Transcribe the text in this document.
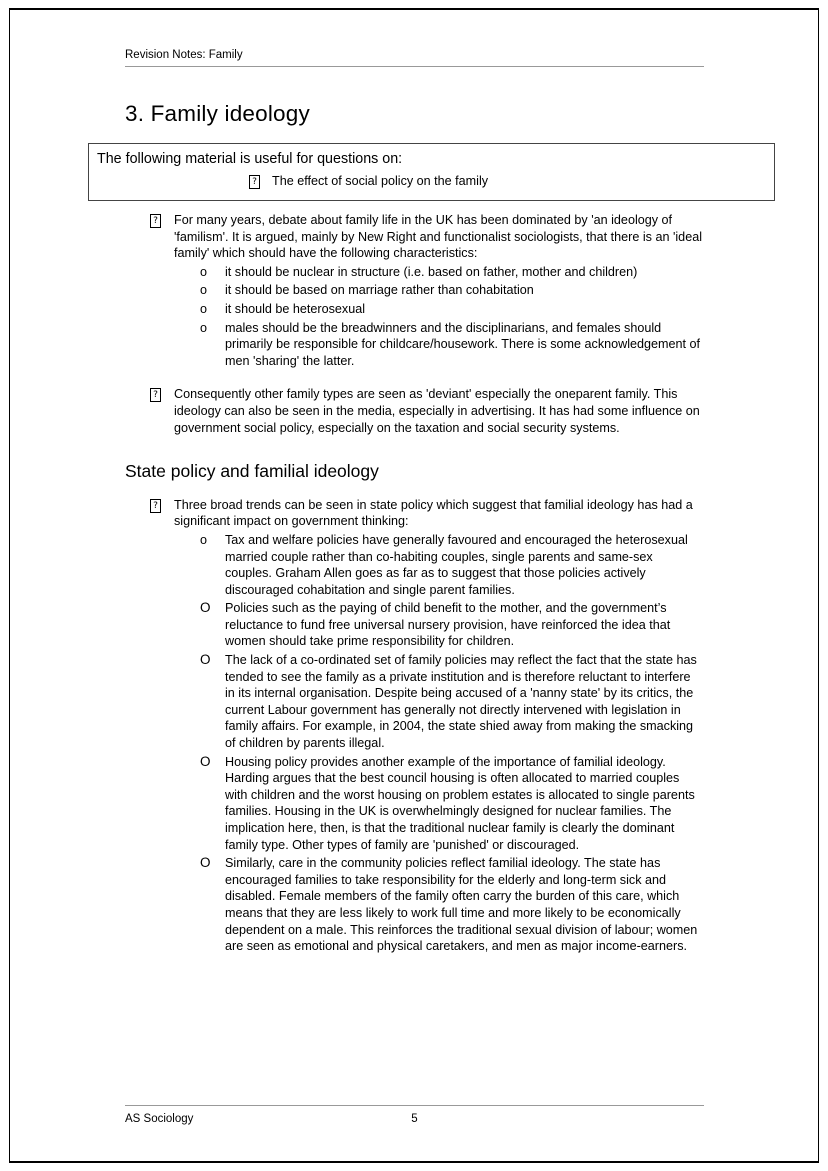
Revision Notes: Family
3. Family ideology
The following material is useful for questions on:
? The effect of social policy on the family
? For many years, debate about family life in the UK has been dominated by 'an ideology of 'familism'. It is argued, mainly by New Right and functionalist sociologists, that there is an 'ideal family' which should have the following characteristics:
o	it should be nuclear in structure (i.e. based on father, mother and children)
o	it should be based on marriage rather than cohabitation
o	it should be heterosexual
o	males should be the breadwinners and the disciplinarians, and females should primarily be responsible for childcare/housework. There is some acknowledgement of men 'sharing' the latter.
? Consequently other family types are seen as 'deviant' especially the oneparent family. This ideology can also be seen in the media, especially in advertising. It has had some influence on government social policy, especially on the taxation and social security systems.
State policy and familial ideology
? Three broad trends can be seen in state policy which suggest that familial ideology has had a significant impact on government thinking:
o	Tax and welfare policies have generally favoured and encouraged the heterosexual married couple rather than co-habiting couples, single parents and same-sex couples. Graham Allen goes as far as to suggest that those policies actively discouraged cohabitation and single parent families.
O Policies such as the paying of child benefit to the mother, and the government’s reluctance to fund free universal nursery provision, have reinforced the idea that women should take prime responsibility for children.
O The lack of a co-ordinated set of family policies may reflect the fact that the state has tended to see the family as a private institution and is therefore reluctant to interfere in its internal organisation. Despite being accused of a 'nanny state' by its critics, the current Labour government has generally not directly intervened with legislation in family affairs. For example, in 2004, the state shied away from making the smacking of children by parents illegal.
O Housing policy provides another example of the importance of familial ideology. Harding argues that the best council housing is often allocated to married couples with children and the worst housing on problem estates is allocated to single parents families. Housing in the UK is overwhelmingly designed for nuclear families. The implication here, then, is that the traditional nuclear family is clearly the dominant family type. Other types of family are 'punished' or discouraged.
O Similarly, care in the community policies reflect familial ideology. The state has encouraged families to take responsibility for the elderly and long-term sick and disabled. Female members of the family often carry the burden of this care, which means that they are less likely to work full time and more likely to be economically dependent on a male. This reinforces the traditional sexual division of labour; women are seen as emotional and physical caretakers, and men as major income-earners.
AS Sociology	5
